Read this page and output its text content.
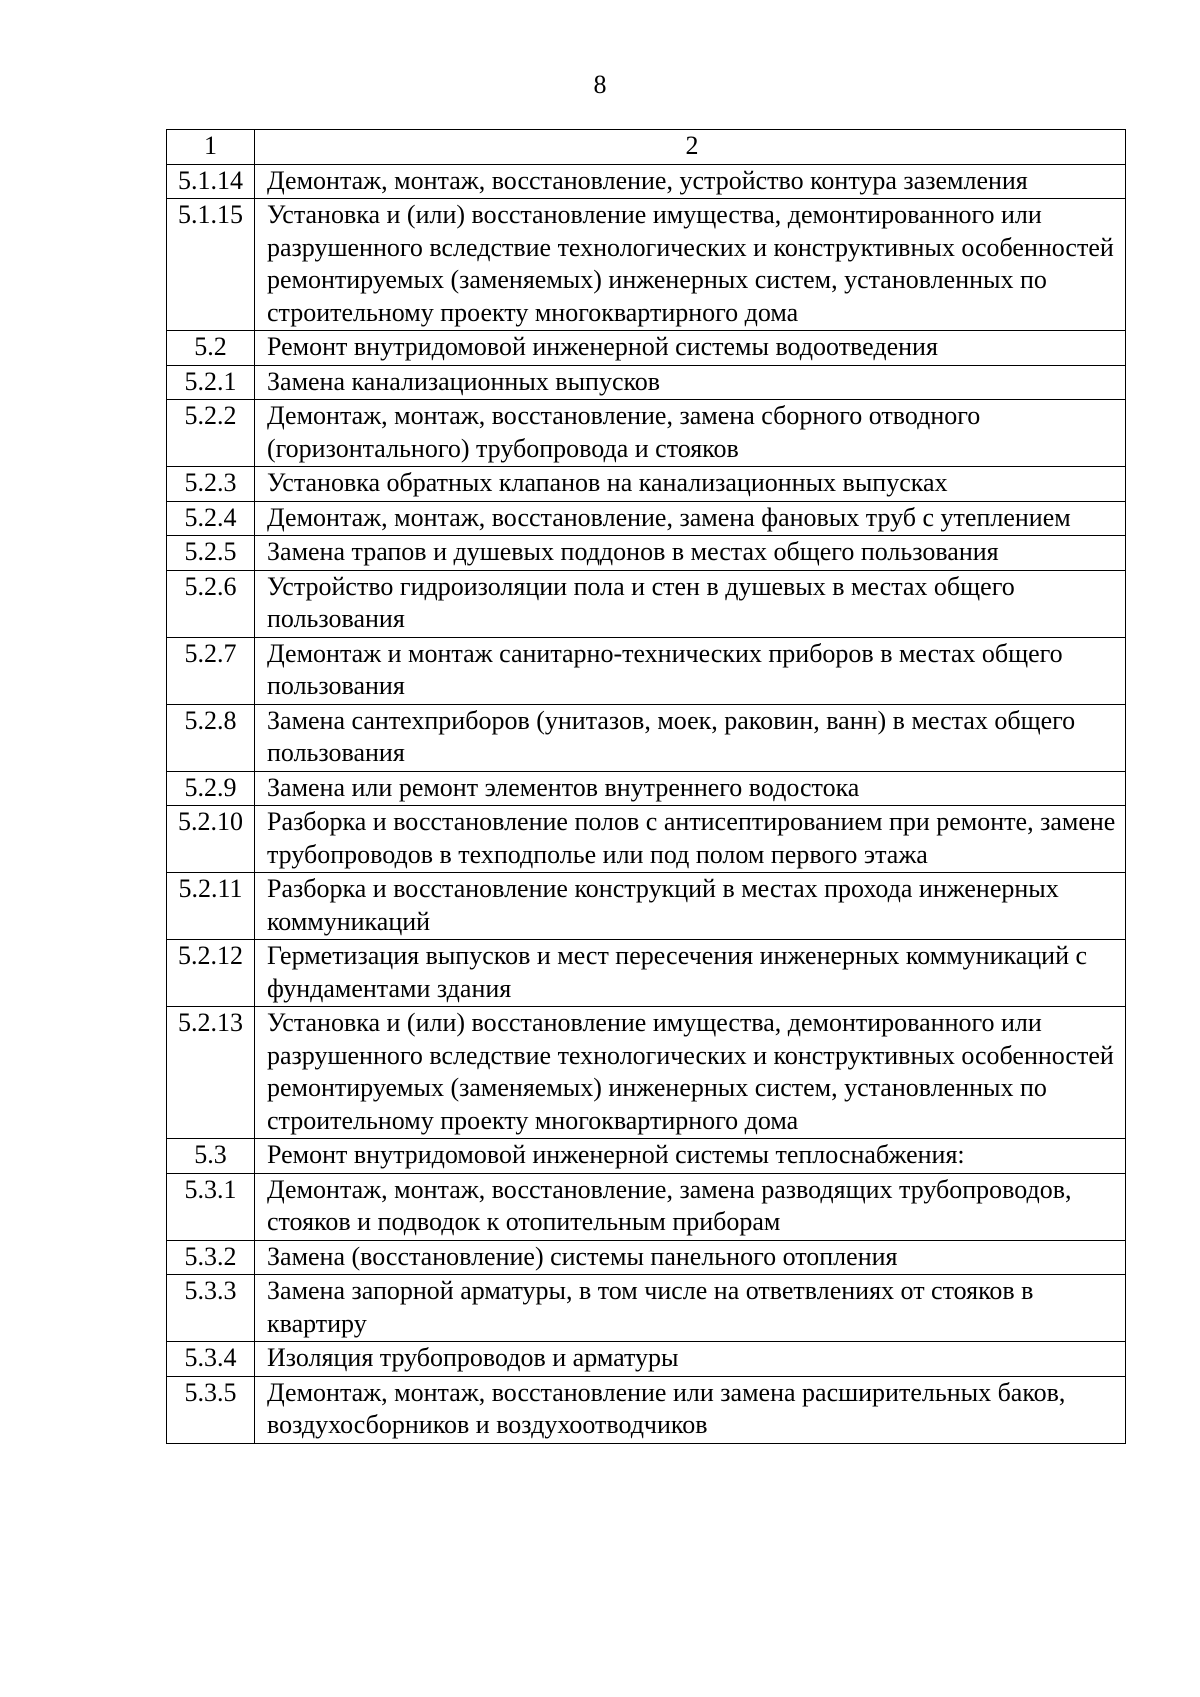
8
1	2
5.1.14	Демонтаж, монтаж, восстановление, устройство контура заземления
5.1.15	Установка и (или) восстановление имущества, демонтированного или разрушенного вследствие технологических и конструктивных особенностей ремонтируемых (заменяемых) инженерных систем, установленных по строительному проекту многоквартирного дома
5.2	Ремонт внутридомовой инженерной системы водоотведения
5.2.1	Замена канализационных выпусков
5.2.2	Демонтаж, монтаж, восстановление, замена сборного отводного (горизонтального) трубопровода и стояков
5.2.3	Установка обратных клапанов на канализационных выпусках
5.2.4	Демонтаж, монтаж, восстановление, замена фановых труб с утеплением
5.2.5	Замена трапов и душевых поддонов в местах общего пользования
5.2.6	Устройство гидроизоляции пола и стен в душевых в местах общего пользования
5.2.7	Демонтаж и монтаж санитарно-технических приборов в местах общего пользования
5.2.8	Замена сантехприборов (унитазов, моек, раковин, ванн) в местах общего пользования
5.2.9	Замена или ремонт элементов внутреннего водостока
5.2.10	Разборка и восстановление полов с антисептированием при ремонте, замене трубопроводов в техподполье или под полом первого этажа
5.2.11	Разборка и восстановление конструкций в местах прохода инженерных коммуникаций
5.2.12	Герметизация выпусков и мест пересечения инженерных коммуникаций с фундаментами здания
5.2.13	Установка и (или) восстановление имущества, демонтированного или разрушенного вследствие технологических и конструктивных особенностей ремонтируемых (заменяемых) инженерных систем, установленных по строительному проекту многоквартирного дома
5.3	Ремонт внутридомовой инженерной системы теплоснабжения:
5.3.1	Демонтаж, монтаж, восстановление, замена разводящих трубопроводов, стояков и подводок к отопительным приборам
5.3.2	Замена (восстановление) системы панельного отопления
5.3.3	Замена запорной арматуры, в том числе на ответвлениях от стояков в квартиру
5.3.4	Изоляция трубопроводов и арматуры
5.3.5	Демонтаж, монтаж, восстановление или замена расширительных баков, воздухосборников и воздухоотводчиков
